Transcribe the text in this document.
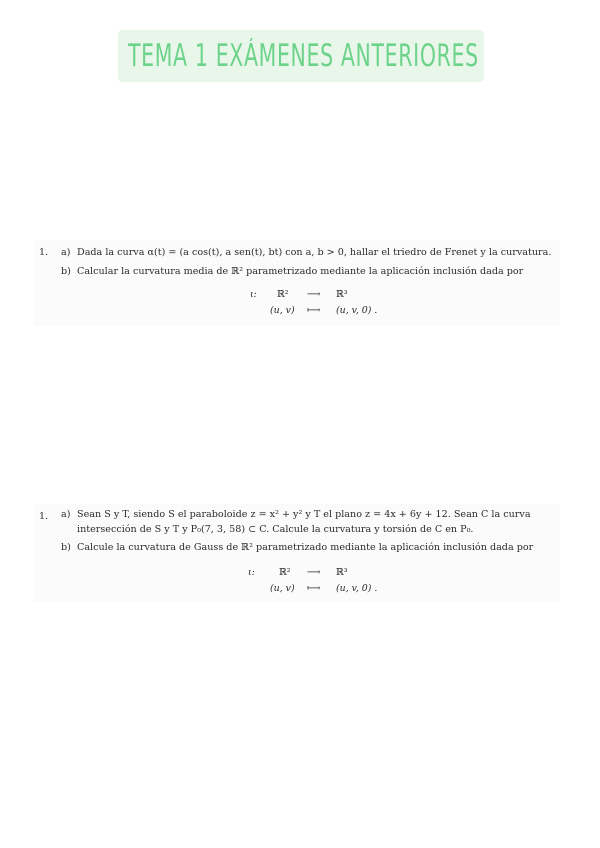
TEMA 1 EXÁMENES ANTERIORES
1. a) Dada la curva α(t) = (a cos(t), a sen(t), bt) con a, b > 0, hallar el triedro de Frenet y la curvatura.
b) Calcular la curvatura media de ℝ² parametrizado mediante la aplicación inclusión dada por
ι: ℝ² ⟶ ℝ³
(u, v) ⟼ (u, v, 0) .
1. a) Sean S y T, siendo S el paraboloide z = x² + y² y T el plano z = 4x + 6y + 12. Sean C la curva
intersección de S y T y P₀(7, 3, 58) ⊂ C. Calcule la curvatura y torsión de C en P₀.
b) Calcule la curvatura de Gauss de ℝ² parametrizado mediante la aplicación inclusión dada por
ι:	ℝ² ⟶ ℝ³
(u, v) ⟼ (u, v, 0) .
